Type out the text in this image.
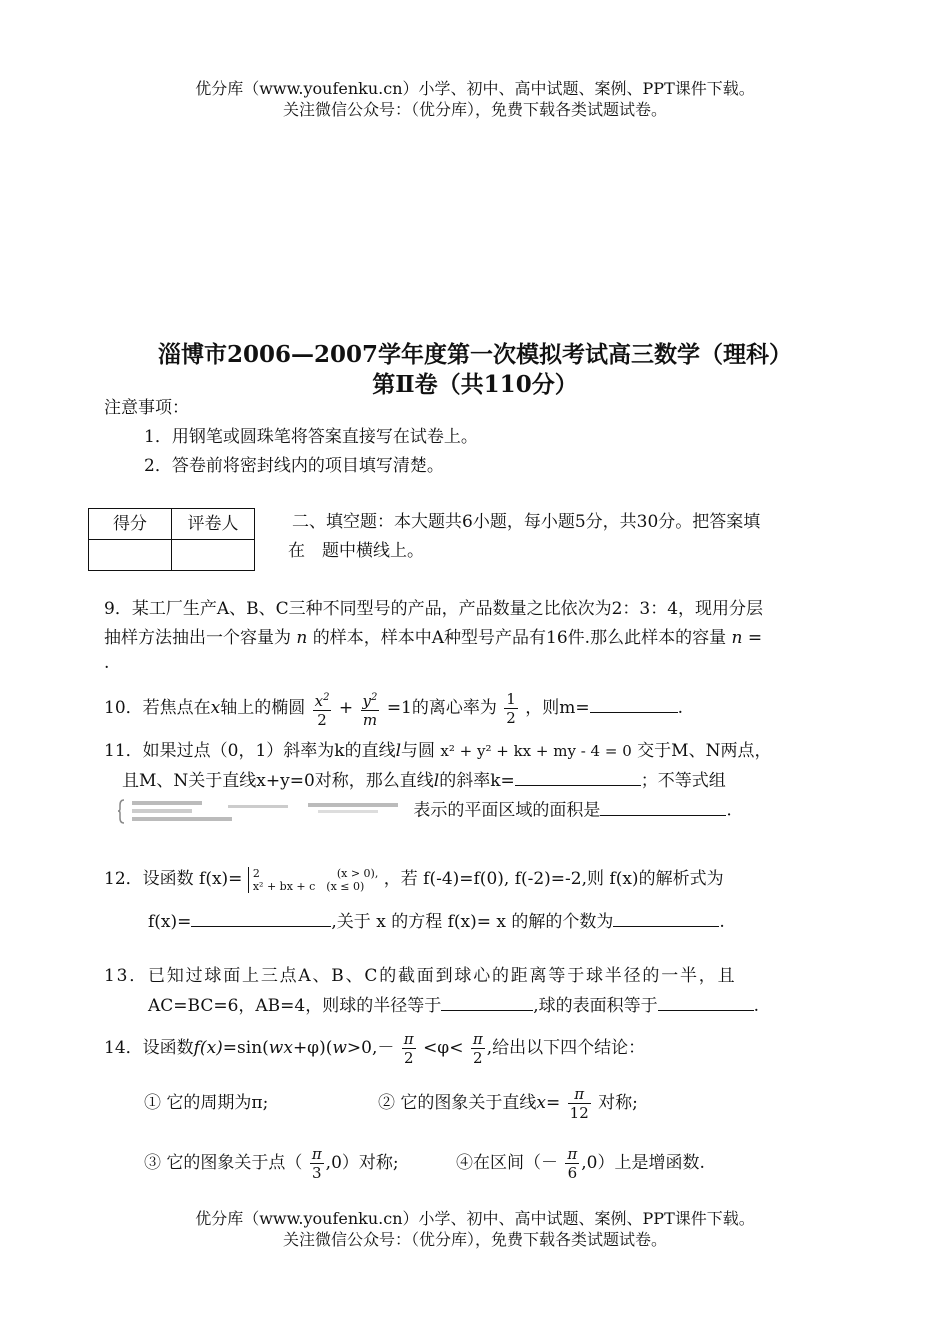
优分库（www.youfenku.cn）小学、初中、高中试题、案例、PPT课件下载。
关注微信公众号：（优分库），免费下载各类试题试卷。
淄博市2006—2007学年度第一次模拟考试高三数学（理科）
第Ⅱ卷（共110分）
注意事项：
1．用钢笔或圆珠笔将答案直接写在试卷上。
2．答卷前将密封线内的项目填写清楚。
得分	评卷人
		二、填空题：本大题共6小题，每小题5分，共30分。把答案填
在　题中横线上。
9．某工厂生产A、B、C三种不同型号的产品，产品数量之比依次为2：3：4，现用分层
抽样方法抽出一个容量为 n 的样本，样本中A种型号产品有16件.那么此样本的容量 n =
.
10．若焦点在x轴上的椭圆 $\frac{x^2}{2} + \frac{y^2}{m} =1$的离心率为 $\frac{1}{2}$ ，则m=	.
11．如果过点（0，1）斜率为k的直线l与圆 x² + y² + kx + my - 4 = 0 交于M、N两点，
且M、N关于直线x+y=0对称，那么直线l的斜率k=	；不等式组
表示的平面区域的面积是	.
12．设函数 f(x)= 2　　　　　　　(x > 0),
x² + bx + c　(x ≤ 0)	，若 f(-4)=f(0), f(-2)=-2,则 f(x)的解析式为
f(x)=	,关于 x 的方程 f(x)= x 的解的个数为	.
13．已知过球面上三点A、B、C的截面到球心的距离等于球半径的一半，且
AC=BC=6，AB=4，则球的半径等于	,球的表面积等于	.
14．设函数$f(x)=\sin(wx+\varphi)(w>0,- \frac{\pi}{2} <\varphi< \frac{\pi}{2}$ ,给出以下四个结论：
① 它的周期为π;	② 它的图象关于直线$x= \frac{\pi}{12}$ 对称;
③ 它的图象关于点（ $\frac{\pi}{3} ,0$）对称;	④在区间（－ $\frac{\pi}{6} ,0$）上是增函数.
优分库（www.youfenku.cn）小学、初中、高中试题、案例、PPT课件下载。
关注微信公众号：（优分库），免费下载各类试题试卷。
